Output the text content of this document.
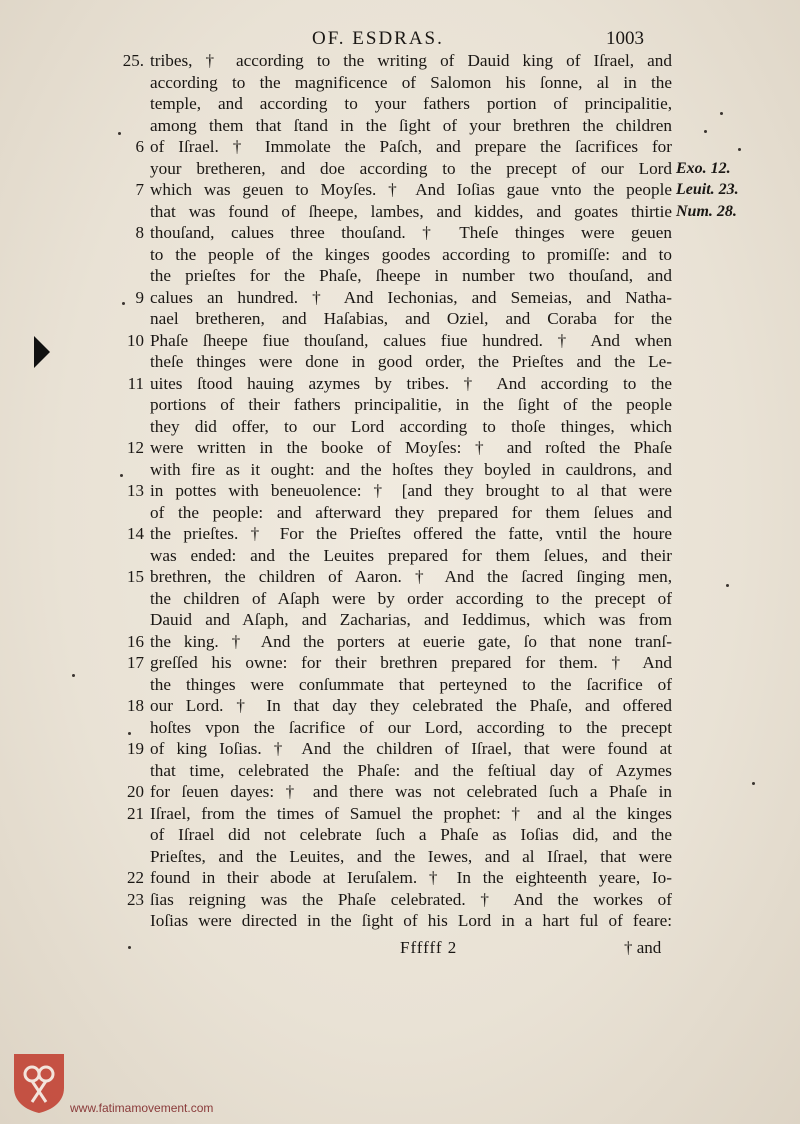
OF. ESDRAS.	1003
25. tribes, † according to the writing of Dauid king of Iſrael, and
according to the magnificence of Salomon his ſonne, al in the
temple, and according to your fathers portion of principalitie,
among them that ſtand in the ſight of your brethren the children
6 of Iſrael. † Immolate the Paſch, and prepare the ſacrifices for
your bretheren, and doe according to the precept of our Lord Exo. 12.
7 which was geuen to Moyſes. † And Ioſias gaue vnto the people Leuit. 23.
that was found of ſheepe, lambes, and kiddes, and goates thirtie Num. 28.
8 thouſand, calues three thouſand. † Theſe thinges were geuen
to the people of the kinges goodes according to promiſſe: and to
the prieſtes for the Phaſe, ſheepe in number two thouſand, and
9 calues an hundred. † And Iechonias, and Semeias, and Natha-
nael bretheren, and Haſabias, and Oziel, and Coraba for the
10 Phaſe ſheepe fiue thouſand, calues fiue hundred. † And when
theſe thinges were done in good order, the Prieſtes and the Le-
11 uites ſtood hauing azymes by tribes. † And according to the
portions of their fathers principalitie, in the ſight of the people
they did offer, to our Lord according to thoſe thinges, which
12 were written in the booke of Moyſes: † and roſted the Phaſe
with fire as it ought: and the hoſtes they boyled in cauldrons, and
13 in pottes with beneuolence: † [and they brought to al that were
of the people: and afterward they prepared for them ſelues and
14 the prieſtes. † For the Prieſtes offered the fatte, vntil the houre
was ended: and the Leuites prepared for them ſelues, and their
15 brethren, the children of Aaron. † And the ſacred ſinging men,
the children of Aſaph were by order according to the precept of
Dauid and Aſaph, and Zacharias, and Ieddimus, which was from
16 the king. † And the porters at euerie gate, ſo that none tranſ-
17 greſſed his owne: for their brethren prepared for them. † And
the thinges were conſummate that perteyned to the ſacrifice of
18 our Lord. † In that day they celebrated the Phaſe, and offered
hoſtes vpon the ſacrifice of our Lord, according to the precept
19 of king Ioſias. † And the children of Iſrael, that were found at
that time, celebrated the Phaſe: and the feſtiual day of Azymes
20 for ſeuen dayes: † and there was not celebrated ſuch a Phaſe in
21 Iſrael, from the times of Samuel the prophet: † and al the kinges
of Iſrael did not celebrate ſuch a Phaſe as Ioſias did, and the
Prieſtes, and the Leuites, and the Iewes, and al Iſrael, that were
22 found in their abode at Ieruſalem. † In the eighteenth yeare, Io-
23 ſias reigning was the Phaſe celebrated. † And the workes of
Ioſias were directed in the ſight of his Lord in a hart ful of feare:
Ffffff 2	† and
www.fatimamovement.com
